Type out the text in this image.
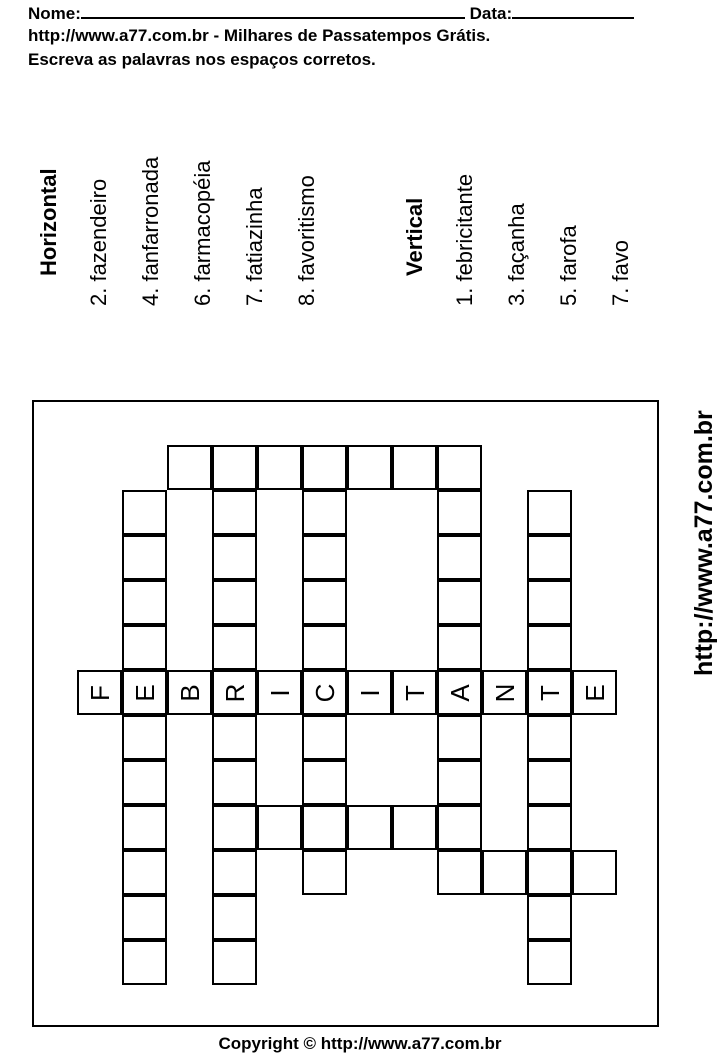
Nome:	Data:
http://www.a77.com.br - Milhares de Passatempos Grátis.
Escreva as palavras nos espaços corretos.
Horizontal 2. fazendeiro 4. fanfarronada 6. farmacopéia 7. fatiazinha 8. favoritismo	Vertical 1. febricitante 3. façanha 5. farofa 7. favo
F E B R I C I T A N T E
http://www.a77.com.br
Copyright © http://www.a77.com.br
